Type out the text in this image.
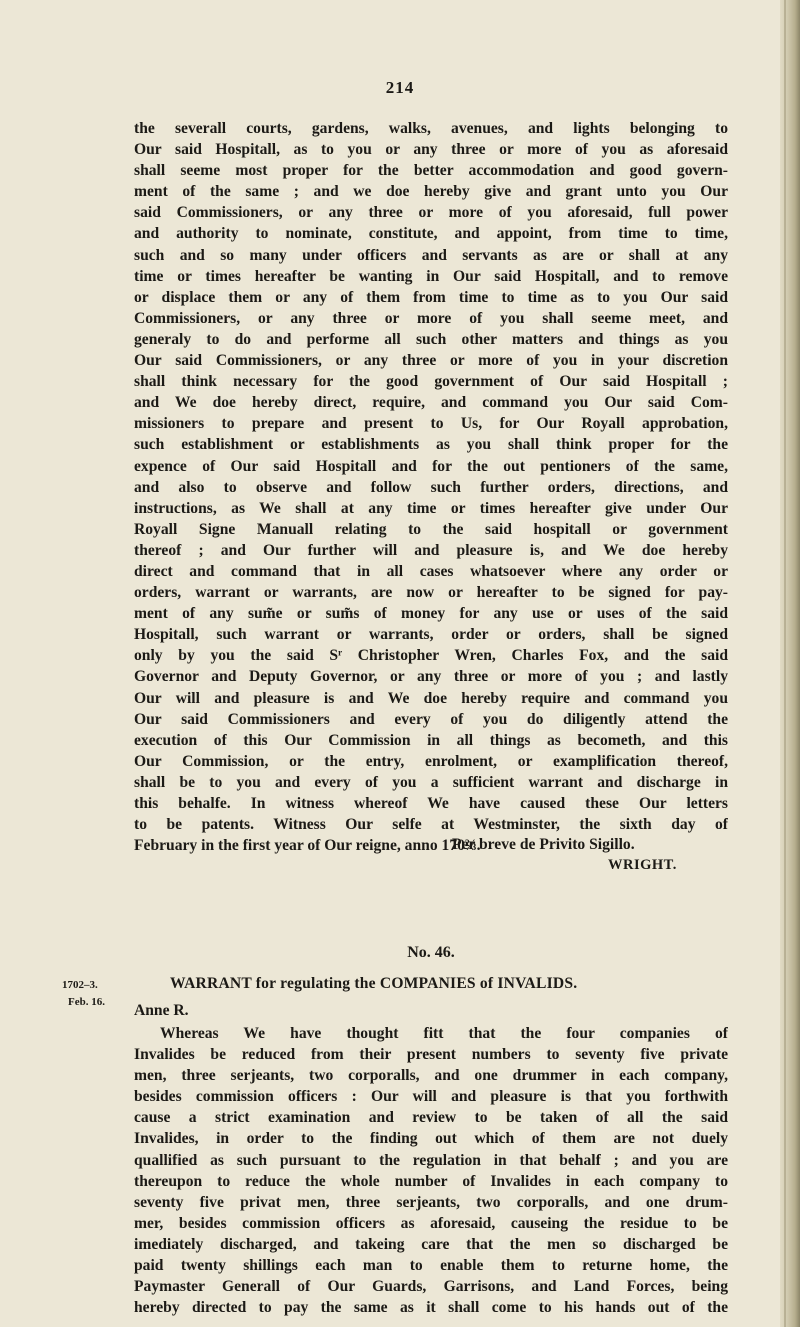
214
the severall courts, gardens, walks, avenues, and lights belonging to
Our said Hospitall, as to you or any three or more of you as aforesaid
shall seeme most proper for the better accommodation and good govern-
ment of the same ; and we doe hereby give and grant unto you Our
said Commissioners, or any three or more of you aforesaid, full power
and authority to nominate, constitute, and appoint, from time to time,
such and so many under officers and servants as are or shall at any
time or times hereafter be wanting in Our said Hospitall, and to remove
or displace them or any of them from time to time as to you Our said
Commissioners, or any three or more of you shall seeme meet, and
generaly to do and performe all such other matters and things as you
Our said Commissioners, or any three or more of you in your discretion
shall think necessary for the good government of Our said Hospitall ;
and We doe hereby direct, require, and command you Our said Com-
missioners to prepare and present to Us, for Our Royall approbation,
such establishment or establishments as you shall think proper for the
expence of Our said Hospitall and for the out pentioners of the same,
and also to observe and follow such further orders, directions, and
instructions, as We shall at any time or times hereafter give under Our
Royall Signe Manuall relating to the said hospitall or government
thereof ; and Our further will and pleasure is, and We doe hereby
direct and command that in all cases whatsoever where any order or
orders, warrant or warrants, are now or hereafter to be signed for pay-
ment of any sum̃e or sum̃s of money for any use or uses of the said
Hospitall, such warrant or warrants, order or orders, shall be signed
only by you the said Sʳ Christopher Wren, Charles Fox, and the said
Governor and Deputy Governor, or any three or more of you ; and lastly
Our will and pleasure is and We doe hereby require and command you
Our said Commissioners and every of you do diligently attend the
execution of this Our Commission in all things as becometh, and this
Our Commission, or the entry, enrolment, or examplification thereof,
shall be to you and every of you a sufficient warrant and discharge in
this behalfe. In witness whereof We have caused these Our letters
to be patents. Witness Our selfe at Westminster, the sixth day of
February in the first year of Our reigne, anno 170⅔.
Per breve de Privito Sigillo.
WRIGHT.
No. 46.
1702–3.
Feb. 16.
WARRANT for regulating the COMPANIES of INVALIDS.
Anne R.
Whereas We have thought fitt that the four companies of
Invalides be reduced from their present numbers to seventy five private
men, three serjeants, two corporalls, and one drummer in each company,
besides commission officers : Our will and pleasure is that you forthwith
cause a strict examination and review to be taken of all the said
Invalides, in order to the finding out which of them are not duely
quallified as such pursuant to the regulation in that behalf ; and you are
thereupon to reduce the whole number of Invalides in each company to
seventy five privat men, three serjeants, two corporalls, and one drum-
mer, besides commission officers as aforesaid, causeing the residue to be
imediately discharged, and takeing care that the men so discharged be
paid twenty shillings each man to enable them to returne home, the
Paymaster Generall of Our Guards, Garrisons, and Land Forces, being
hereby directed to pay the same as it shall come to his hands out of the
